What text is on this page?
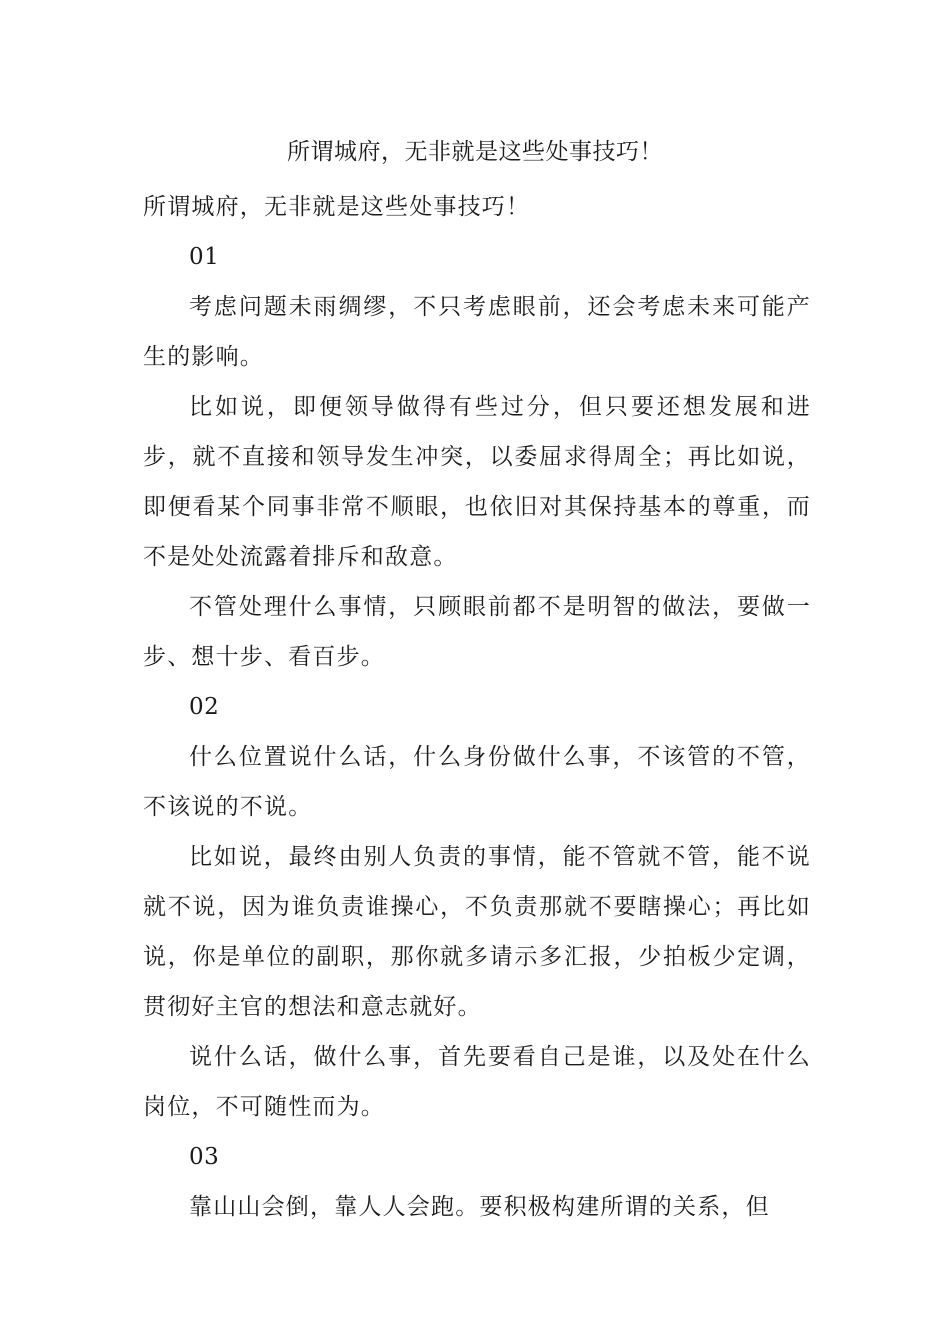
所谓城府，无非就是这些处事技巧！

所谓城府，无非就是这些处事技巧！

01

考虑问题未雨绸缪，不只考虑眼前，还会考虑未来可能产生的影响。

比如说，即便领导做得有些过分，但只要还想发展和进步，就不直接和领导发生冲突，以委屈求得周全；再比如说，即便看某个同事非常不顺眼，也依旧对其保持基本的尊重，而不是处处流露着排斥和敌意。

不管处理什么事情，只顾眼前都不是明智的做法，要做一步、想十步、看百步。

02

什么位置说什么话，什么身份做什么事，不该管的不管，不该说的不说。

比如说，最终由别人负责的事情，能不管就不管，能不说就不说，因为谁负责谁操心，不负责那就不要瞎操心；再比如说，你是单位的副职，那你就多请示多汇报，少拍板少定调，贯彻好主官的想法和意志就好。

说什么话，做什么事，首先要看自己是谁，以及处在什么岗位，不可随性而为。

03

靠山山会倒，靠人人会跑。要积极构建所谓的关系，但
